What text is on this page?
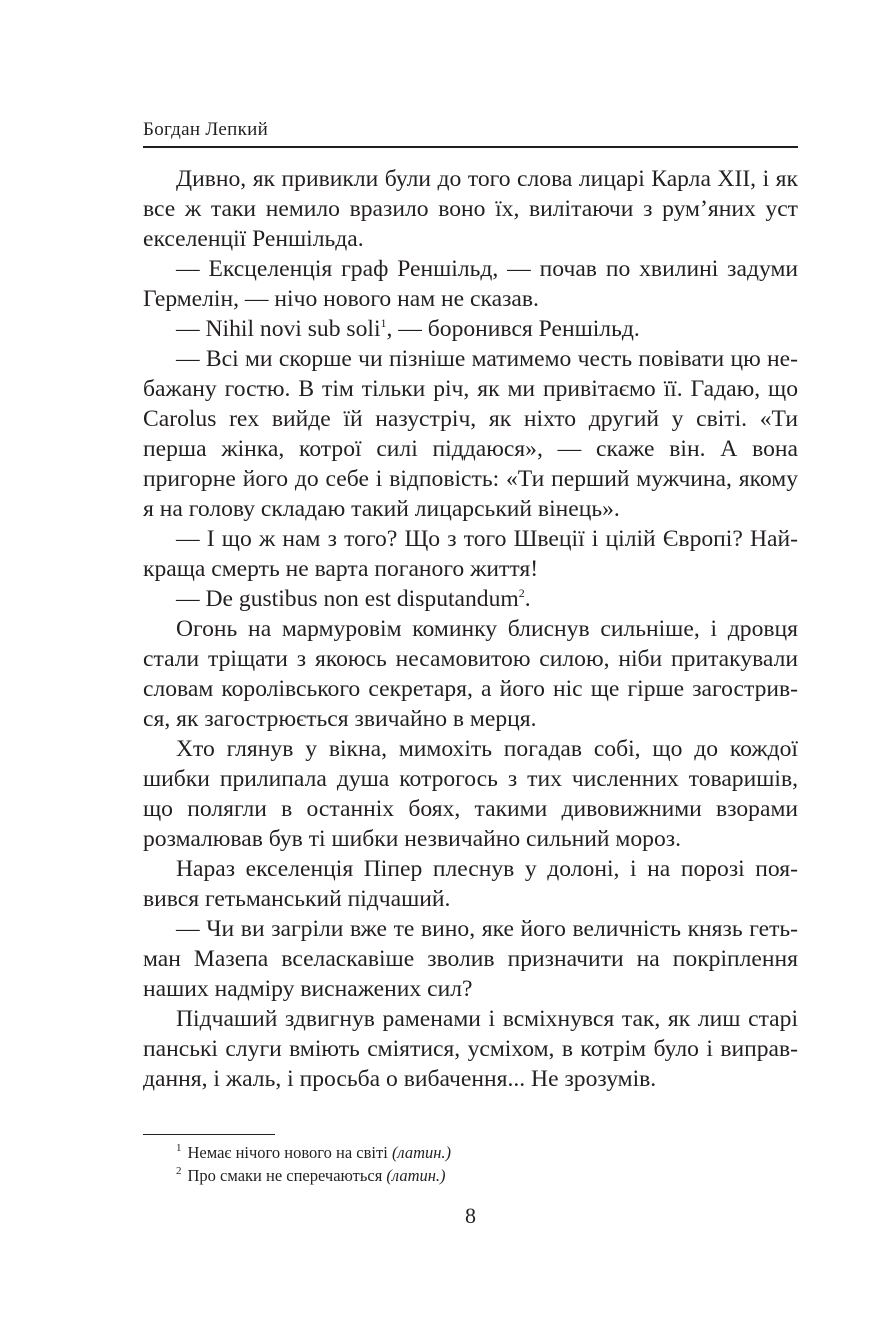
Богдан Лепкий

Дивно, як привикли були до того слова лицарі Карла XII, і як все ж таки немило вразило воно їх, вилітаючи з рум’яних уст екселенції Реншільда.

— Ексцеленція граф Реншільд, — почав по хвилині задуми Гермелін, — нічо нового нам не сказав.

— Nihil novi sub soli$^1$, — боронився Реншільд.

— Всі ми скорше чи пізніше матимемо честь повівати цю небажану гостю. В тім тільки річ, як ми привітаємо її. Гадаю, що Carolus rex вийде їй назустріч, як ніхто другий у світі. «Ти перша жінка, котрої силі піддаюся», — скаже він. А вона пригорне його до себе і відповість: «Ти перший мужчина, якому я на голову складаю такий лицарський вінець».

— І що ж нам з того? Що з того Швеції і цілій Європі? Найкраща смерть не варта поганого життя!

— De gustibus non est disputandum$^2$.

Огонь на мармуровім коминку блиснув сильніше, і дровця стали тріщати з якоюсь несамовитою силою, ніби притакували словам королівського секретаря, а його ніс ще гірше загострився, як загострюється звичайно в мерця.

Хто глянув у вікна, мимохіть погадав собі, що до кождої шибки прилипала душа котрогось з тих численних товаришів, що полягли в останніх боях, такими дивовижними взорами розмалював був ті шибки незвичайно сильний мороз.

Нараз екселенція Піпер плеснув у долоні, і на порозі появився гетьманський підчаший.

— Чи ви загріли вже те вино, яке його величність князь гетьман Мазепа вселаскавіше зволив призначити на покріплення наших надміру виснажених сил?

Підчаший здвигнув раменами і всміхнувся так, як лиш старі панські слуги вміють сміятися, усміхом, в котрім було і виправдання, і жаль, і просьба о вибачення... Не зрозумів.

$^1$ Немає нічого нового на світі (латин.)

$^2$ Про смаки не сперечаються (латин.)

8
